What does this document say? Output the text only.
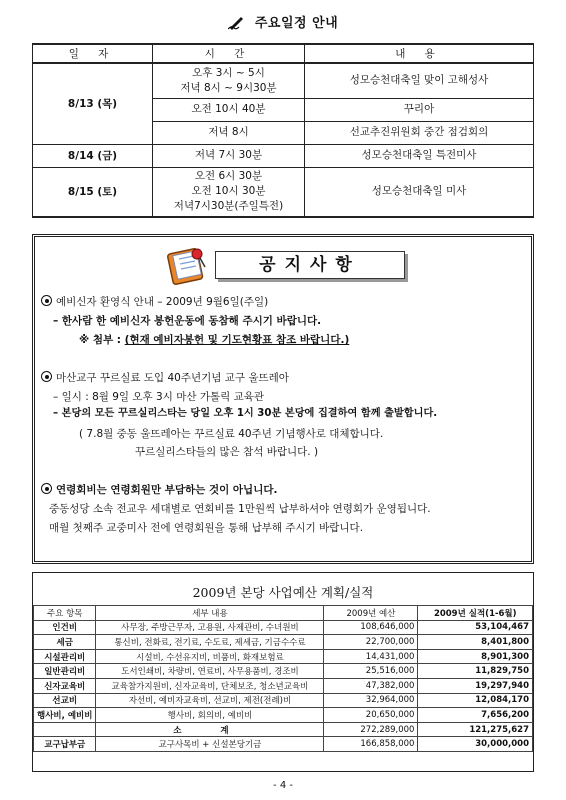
주요일정 안내
일 자	시 간	내 용
8/13 (목)	오후 3시 ~ 5시
저녁 8시 ~ 9시30분	성모승천대축일 맞이 고해성사
	오전 10시 40분	꾸리아
	저녁 8시	선교추진위원회 중간 점검회의
8/14 (금)	저녁 7시 30분	성모승천대축일 특전미사
8/15 (토)	오전 6시 30분
오전 10시 30분
저녁7시30분(주일특전)	성모승천대축일 미사
공지사항
예비신자 환영식 안내 – 2009년 9월6일(주일)
– 한사람 한 예비신자 봉헌운동에 동참해 주시기 바랍니다.
※ 첨부 : (현재 예비자봉헌 및 기도현황표 참조 바랍니다.)
마산교구 꾸르실료 도입 40주년기념 교구 울뜨레아
– 일시 : 8월 9일 오후 3시 마산 가톨릭 교육관
– 본당의 모든 꾸르실리스타는 당일 오후 1시 30분 본당에 집결하여 함께 출발합니다.
( 7.8월 중동 울뜨레아는 꾸르실료 40주년 기념행사로 대체합니다.
꾸르실리스타들의 많은 참석 바랍니다. )
연령회비는 연령회원만 부담하는 것이 아닙니다.
중동성당 소속 전교우 세대별로 연회비를 1만원씩 납부하셔야 연령회가 운영됩니다.
매월 첫째주 교중미사 전에 연령회원을 통해 납부해 주시기 바랍니다.
2009년 본당 사업예산 계획/실적
주요 항목	세부 내용	2009년 예산	2009년 실적(1-6월)
인건비	사무장, 주방근무자, 고용원, 사제관비, 수녀원비	108,646,000	53,104,467
세금	통신비, 전화료, 전기료, 수도료, 제세금, 기금수수료	22,700,000	8,401,800
시설관리비	시설비, 수선유지비, 비품비, 화재보험료	14,431,000	8,901,300
일반관리비	도서인쇄비, 차량비, 연료비, 사무용품비, 경조비	25,516,000	11,829,750
신자교육비	교육참가지원비, 신자교육비, 단체보조, 청소년교육비	47,382,000	19,297,940
선교비	자선비, 예비자교육비, 선교비, 제전(전례)비	32,964,000	12,084,170
행사비, 예비비	행사비, 회의비, 예비비	20,650,000	7,656,200
	소 계	272,289,000	121,275,627
교구납부금	교구사목비 + 신설본당기금	166,858,000	30,000,000
- 4 -
